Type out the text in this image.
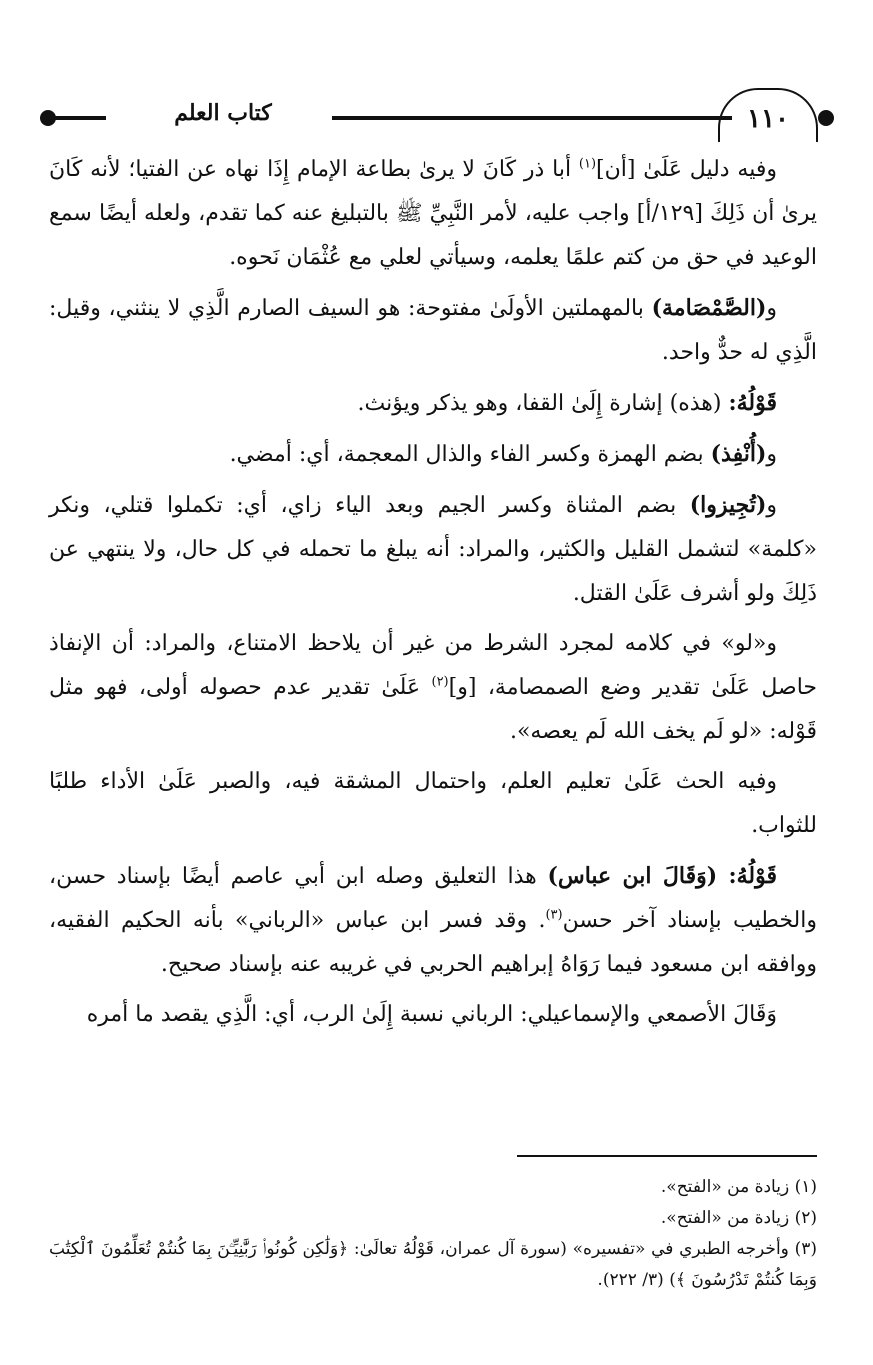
كتاب العلم	١١٠

وفيه دليل عَلَىٰ [أن]$^{(١)}$ أبا ذر كَانَ لا يرىٰ بطاعة الإمام إِذَا نهاه عن الفتيا؛ لأنه كَانَ يرىٰ أن ذَلِكَ [١٢٩/أ] واجب عليه، لأمر النَّبِيِّ ﷺ بالتبليغ عنه كما تقدم، ولعله أيضًا سمع الوعيد في حق من كتم علمًا يعلمه، وسيأتي لعلي مع عُثْمَان نَحوه.

و(الصَّمْصَامة) بالمهملتين الأولَىٰ مفتوحة: هو السيف الصارم الَّذِي لا ينثني، وقيل: الَّذِي له حدٌّ واحد.

قَوْلُهُ: (هذه) إشارة إِلَىٰ القفا، وهو يذكر ويؤنث.

و(أُنْفِذ) بضم الهمزة وكسر الفاء والذال المعجمة، أي: أمضي.

و(تُجِيزوا) بضم المثناة وكسر الجيم وبعد الياء زاي، أي: تكملوا قتلي، ونكر «كلمة» لتشمل القليل والكثير، والمراد: أنه يبلغ ما تحمله في كل حال، ولا ينتهي عن ذَلِكَ ولو أشرف عَلَىٰ القتل.

و«لو» في كلامه لمجرد الشرط من غير أن يلاحظ الامتناع، والمراد: أن الإنفاذ حاصل عَلَىٰ تقدير وضع الصمصامة، [و]$^{(٢)}$ عَلَىٰ تقدير عدم حصوله أولى، فهو مثل قَوْله: «لو لَم يخف الله لَم يعصه».

وفيه الحث عَلَىٰ تعليم العلم، واحتمال المشقة فيه، والصبر عَلَىٰ الأداء طلبًا للثواب.

قَوْلُهُ: (وَقَالَ ابن عباس) هذا التعليق وصله ابن أبي عاصم أيضًا بإسناد حسن، والخطيب بإسناد آخر حسن$^{(٣)}$. وقد فسر ابن عباس «الرباني» بأنه الحكيم الفقيه، ووافقه ابن مسعود فيما رَوَاهُ إبراهيم الحربي في غريبه عنه بإسناد صحيح.

وَقَالَ الأصمعي والإسماعيلي: الرباني نسبة إِلَىٰ الرب، أي: الَّذِي يقصد ما أمره

(١) زيادة من «الفتح».

(٢) زيادة من «الفتح».

(٣) وأخرجه الطبري في «تفسيره» (سورة آل عمران، قَوْلُهُ تعالَىٰ: ﴿وَلَٰكِن كُونُوا۟ رَبَّٰنِيِّـۧنَ بِمَا كُنتُمْ تُعَلِّمُونَ ٱلْكِتَٰبَ وَبِمَا كُنتُمْ تَدْرُسُونَ ﴾) (٣/ ٢٢٢).
